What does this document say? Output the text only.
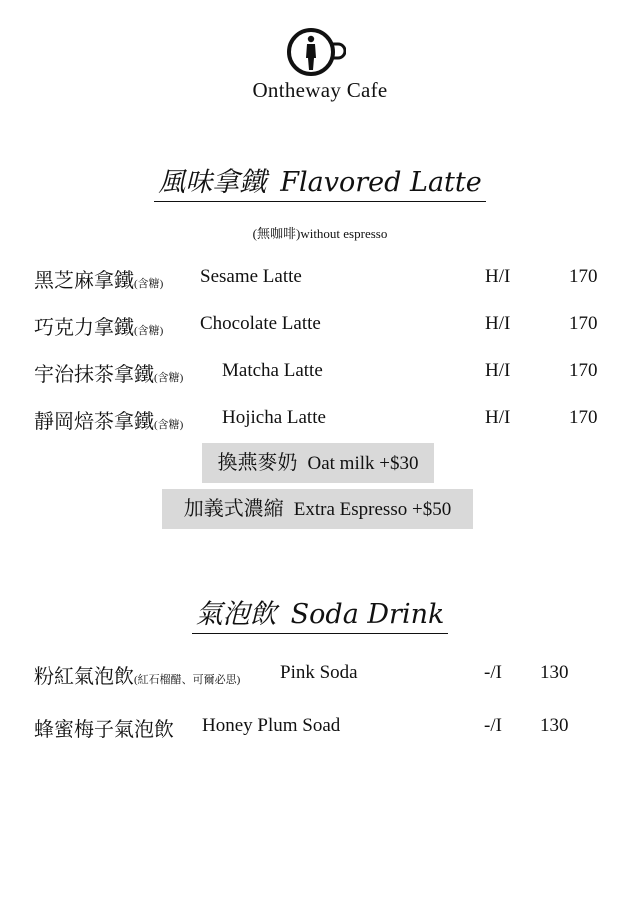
Ontheway Cafe
風味拿鐵 Flavored Latte
(無咖啡)without espresso
黑芝麻拿鐵(含糖) Sesame Latte	H/I	170
巧克力拿鐵(含糖) Chocolate Latte	H/I	170
宇治抹茶拿鐵(含糖) Matcha Latte	H/I	170
靜岡焙茶拿鐵(含糖) Hojicha Latte	H/I	170
換燕麥奶 Oat milk +$30
加義式濃縮 Extra Espresso +$50
氣泡飲 Soda Drink
粉紅氣泡飲(紅石榴醋、可爾必思) Pink Soda	-/I 130
蜂蜜梅子氣泡飲 Honey Plum Soad	-/I 130
